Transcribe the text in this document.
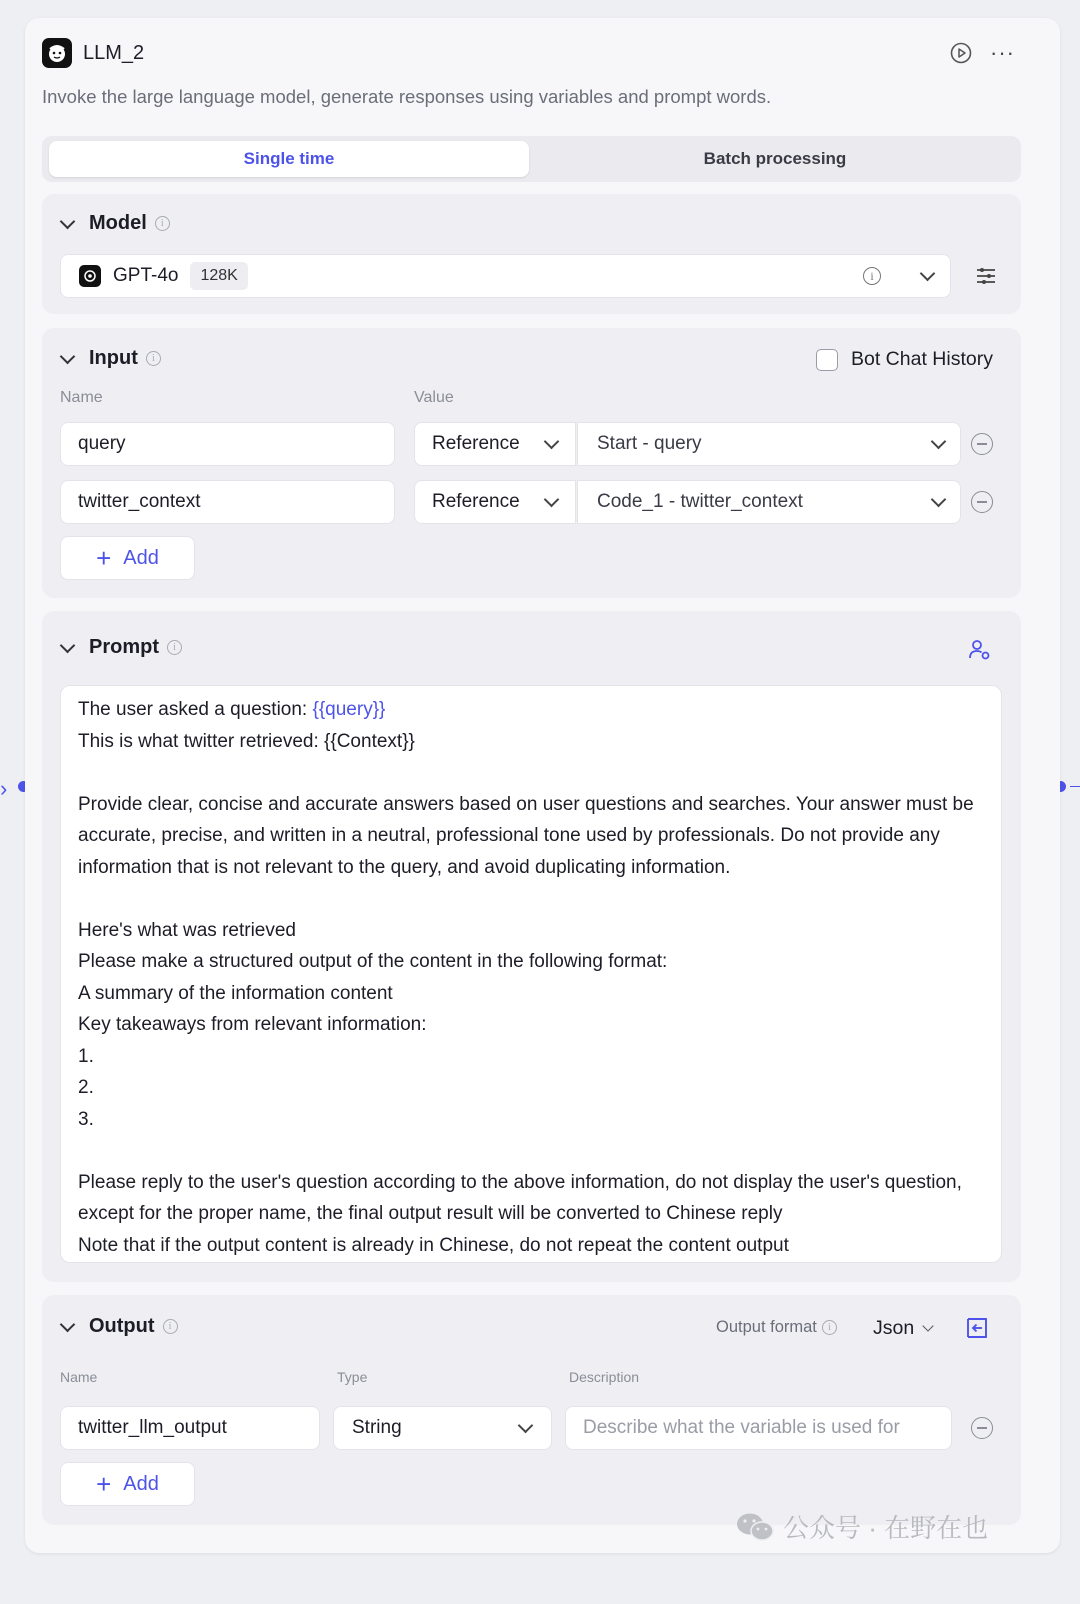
›
LLM_2	···
Invoke the large language model, generate responses using variables and prompt words.
Single time	Batch processing
Model	i
GPT-4o	128K	i
Input	i	Bot Chat History
Name	Value
query	Reference	Start - query
twitter_context	Reference	Code_1 - twitter_context
+ Add
Prompt	i

The user asked a question: {{query}}

This is what twitter retrieved: {{Context}}

Provide clear, concise and accurate answers based on user questions and searches. Your answer must be accurate, precise, and written in a neutral, professional tone used by professionals. Do not provide any information that is not relevant to the query, and avoid duplicating information.

Here's what was retrieved

Please make a structured output of the content in the following format:

A summary of the information content

Key takeaways from relevant information:

1.

2.

3.

Please reply to the user's question according to the above information, do not display the user's question, except for the proper name, the final output result will be converted to Chinese reply

Note that if the output content is already in Chinese, do not repeat the content output

Output	i	Output format	i	Json
Name	Type	Description
twitter_llm_output	String	Describe what the variable is used for
+ Add
公众号 · 在野在也
